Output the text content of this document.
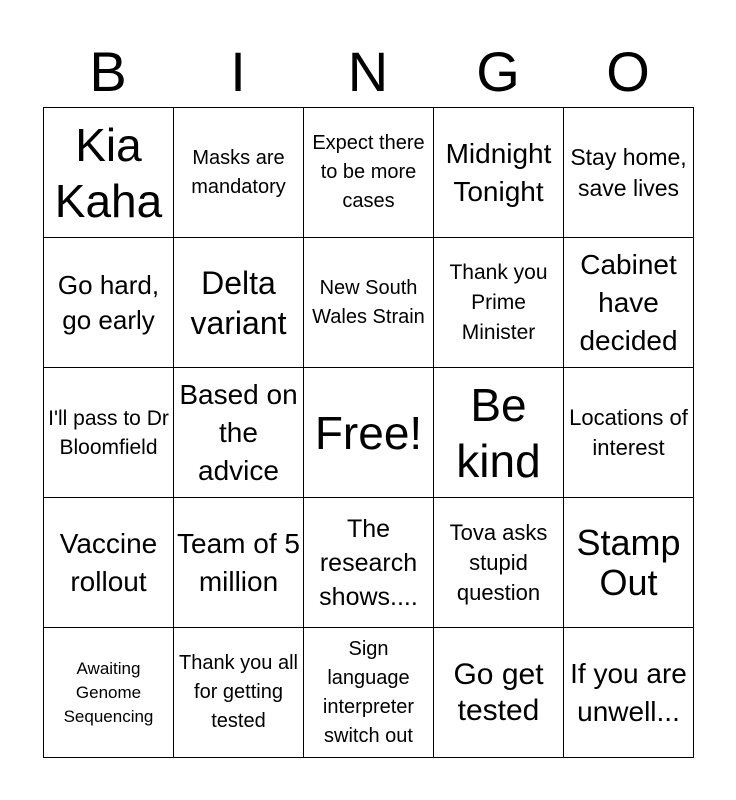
B	I	N	G	O
Kia Kaha
Masks are mandatory
Expect there to be more cases
Midnight Tonight
Stay home, save lives
Go hard, go early
Delta variant
New South Wales Strain
Thank you Prime Minister
Cabinet have decided
I'll pass to Dr Bloomfield
Based on the advice
Free!
Be kind
Locations of interest
Vaccine rollout
Team of 5 million
The research shows....
Tova asks stupid question
Stamp Out
Awaiting Genome Sequencing
Thank you all for getting tested
Sign language interpreter switch out
Go get tested
If you are unwell...
